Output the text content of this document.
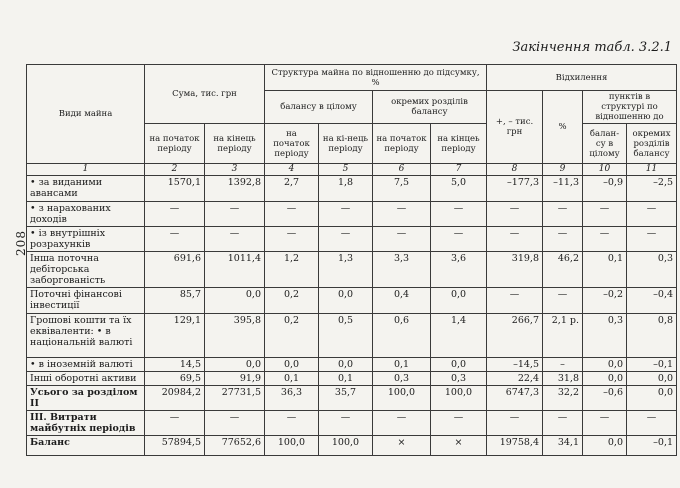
208
Закінчення табл. 3.2.1
Види майна	Сума, тис. грн		Структура майна по відношенню до підсумку, %				Відхилення			
			балансу в цілому		окремих розділів балансу		+, – тис. грн	%	пунктів в структурі по відношенню до	
	на початок періоду	на кінець періоду	на початок періоду	на кі-нець періоду	на початок періоду	на кінцеь періоду			балан-су в цілому	окремих розділів балансу
1	2	3	4	5	6	7	8	9	10	11
• за виданими авансами	1570,1	1392,8	2,7	1,8	7,5	5,0	–177,3	–11,3	–0,9	–2,5
• з нарахованих доходів	—	—	—	—	—	—	—	—	—	—
• із внутрішніх розрахунків	—	—	—	—	—	—	—	—	—	—
Інша поточна дебіторська заборгованість	691,6	1011,4	1,2	1,3	3,3	3,6	319,8	46,2	0,1	0,3
Поточні фінансові інвестиції	85,7	0,0	0,2	0,0	0,4	0,0	—	—	–0,2	–0,4
Грошові кошти та їх еквіваленти: • в національній валюті	129,1	395,8	0,2	0,5	0,6	1,4	266,7	2,1 р.	0,3	0,8
• в іноземній валюті	14,5	0,0	0,0	0,0	0,1	0,0	–14,5	–	0,0	–0,1
Інші оборотні активи	69,5	91,9	0,1	0,1	0,3	0,3	22,4	31,8	0,0	0,0
Усього за розділом II	20984,2	27731,5	36,3	35,7	100,0	100,0	6747,3	32,2	–0,6	0,0
III. Витрати майбутніх періодів	—	—	—	—	—	—	—	—	—	—
Баланс	57894,5	77652,6	100,0	100,0	×	×	19758,4	34,1	0,0	–0,1
